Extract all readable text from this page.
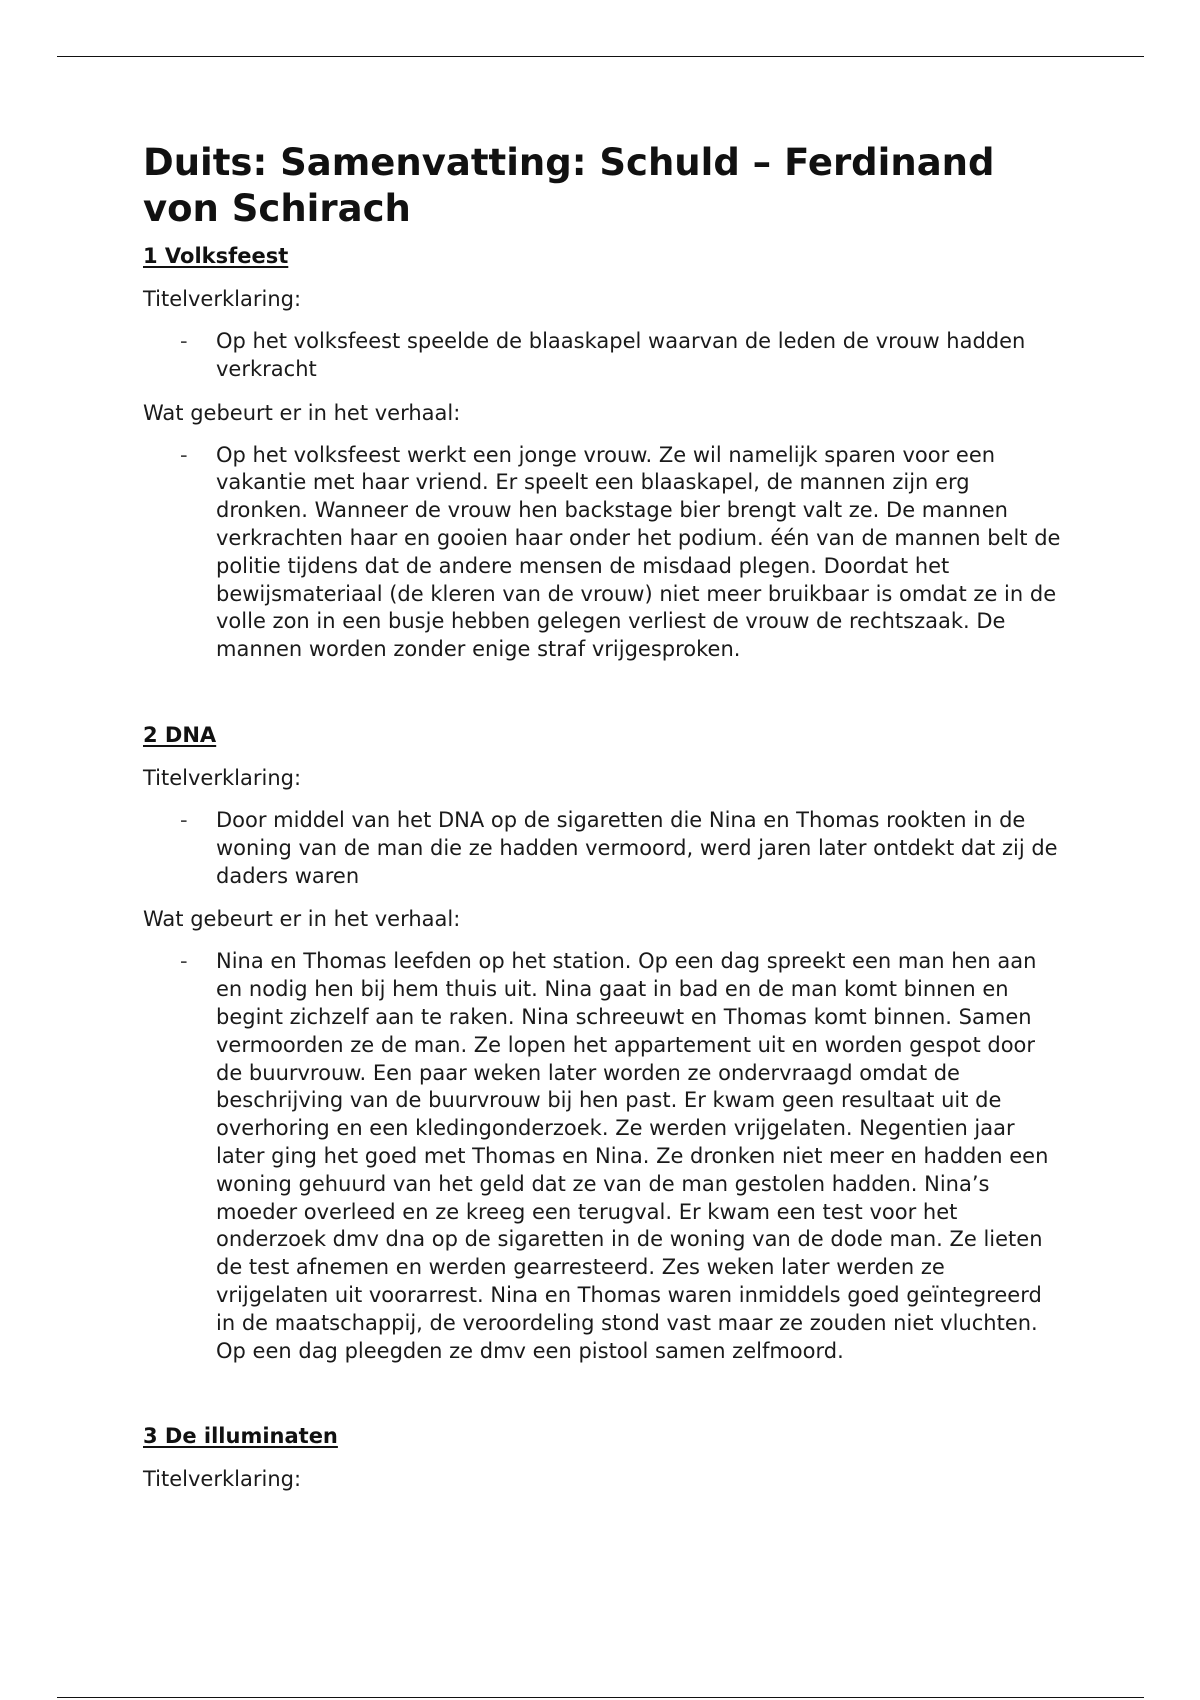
Duits: Samenvatting: Schuld – Ferdinand von Schirach
1 Volksfeest
Titelverklaring:
- Op het volksfeest speelde de blaaskapel waarvan de leden de vrouw hadden verkracht
Wat gebeurt er in het verhaal:
- Op het volksfeest werkt een jonge vrouw. Ze wil namelijk sparen voor een vakantie met haar vriend. Er speelt een blaaskapel, de mannen zijn erg dronken. Wanneer de vrouw hen backstage bier brengt valt ze. De mannen verkrachten haar en gooien haar onder het podium. één van de mannen belt de politie tijdens dat de andere mensen de misdaad plegen. Doordat het bewijsmateriaal (de kleren van de vrouw) niet meer bruikbaar is omdat ze in de volle zon in een busje hebben gelegen verliest de vrouw de rechtszaak. De mannen worden zonder enige straf vrijgesproken.
2 DNA
Titelverklaring:
- Door middel van het DNA op de sigaretten die Nina en Thomas rookten in de woning van de man die ze hadden vermoord, werd jaren later ontdekt dat zij de daders waren
Wat gebeurt er in het verhaal:
- Nina en Thomas leefden op het station. Op een dag spreekt een man hen aan en nodig hen bij hem thuis uit. Nina gaat in bad en de man komt binnen en begint zichzelf aan te raken. Nina schreeuwt en Thomas komt binnen. Samen vermoorden ze de man. Ze lopen het appartement uit en worden gespot door de buurvrouw. Een paar weken later worden ze ondervraagd omdat de beschrijving van de buurvrouw bij hen past. Er kwam geen resultaat uit de overhoring en een kledingonderzoek. Ze werden vrijgelaten. Negentien jaar later ging het goed met Thomas en Nina. Ze dronken niet meer en hadden een woning gehuurd van het geld dat ze van de man gestolen hadden. Nina’s moeder overleed en ze kreeg een terugval. Er kwam een test voor het onderzoek dmv dna op de sigaretten in de woning van de dode man. Ze lieten de test afnemen en werden gearresteerd. Zes weken later werden ze vrijgelaten uit voorarrest. Nina en Thomas waren inmiddels goed geïntegreerd in de maatschappij, de veroordeling stond vast maar ze zouden niet vluchten. Op een dag pleegden ze dmv een pistool samen zelfmoord.
3 De illuminaten
Titelverklaring:
